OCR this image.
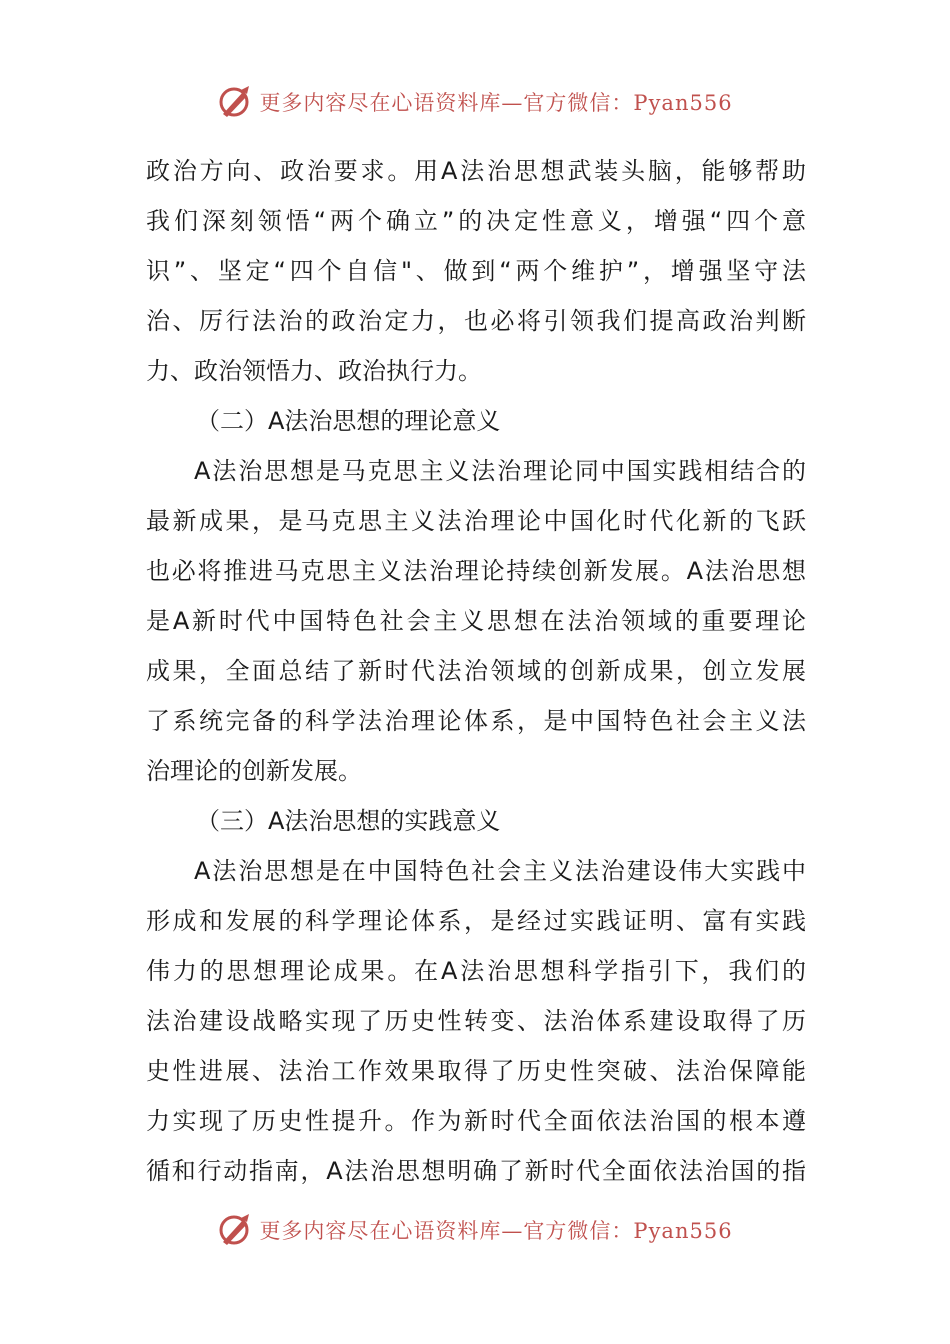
更多内容尽在心语资料库—官方微信：Pyan556
政治方向、政治要求。用A法治思想武装头脑，能够帮助
我们深刻领悟“两个确立”的决定性意义，增强“四个意
识”、坚定“四个自信"、做到“两个维护”，增强坚守法
治、厉行法治的政治定力，也必将引领我们提高政治判断
力、政治领悟力、政治执行力。
（二）A法治思想的理论意义
A法治思想是马克思主义法治理论同中国实践相结合的
最新成果，是马克思主义法治理论中国化时代化新的飞跃
也必将推进马克思主义法治理论持续创新发展。A法治思想
是A新时代中国特色社会主义思想在法治领域的重要理论
成果，全面总结了新时代法治领域的创新成果，创立发展
了系统完备的科学法治理论体系，是中国特色社会主义法
治理论的创新发展。
（三）A法治思想的实践意义
A法治思想是在中国特色社会主义法治建设伟大实践中
形成和发展的科学理论体系，是经过实践证明、富有实践
伟力的思想理论成果。在A法治思想科学指引下，我们的
法治建设战略实现了历史性转变、法治体系建设取得了历
史性进展、法治工作效果取得了历史性突破、法治保障能
力实现了历史性提升。作为新时代全面依法治国的根本遵
循和行动指南，A法治思想明确了新时代全面依法治国的指
更多内容尽在心语资料库—官方微信：Pyan556
